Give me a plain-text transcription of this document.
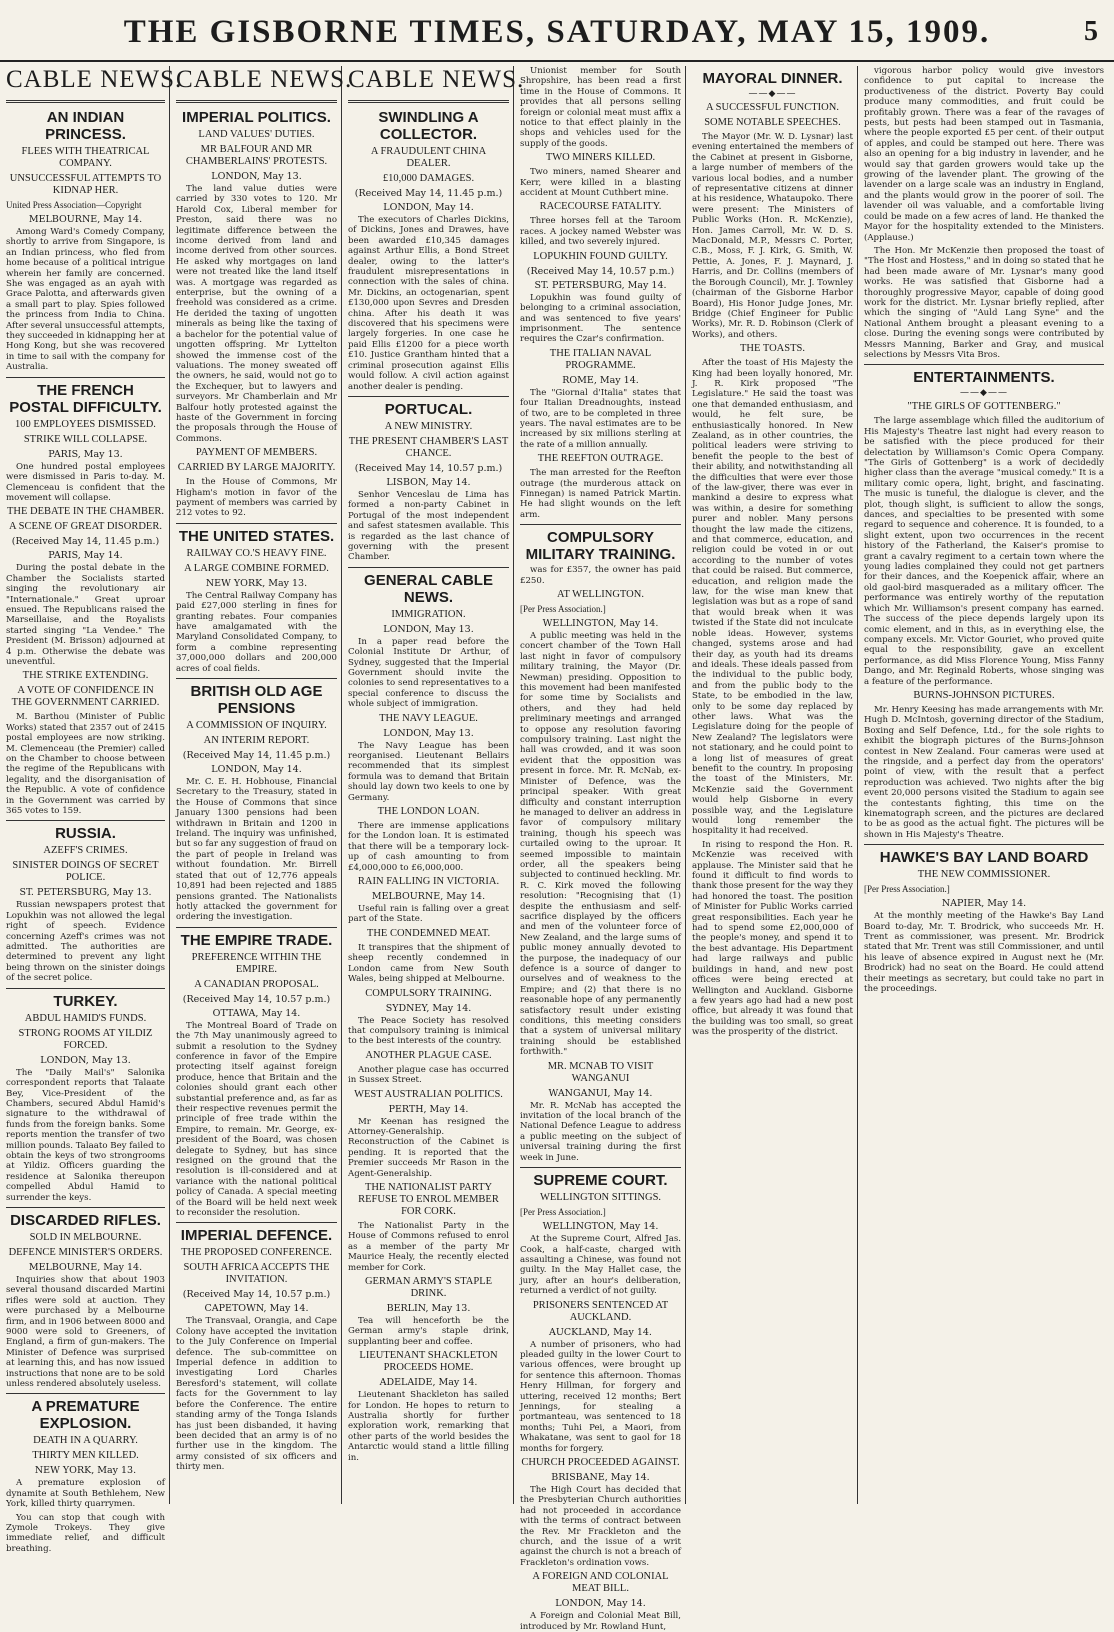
THE GISBORNE TIMES, SATURDAY, MAY 15, 1909.	5
CABLE NEWS.
AN INDIAN PRINCESS.
FLEES WITH THEATRICAL COMPANY.
UNSUCCESSFUL ATTEMPTS TO KIDNAP HER.
United Press Association—Copyright
MELBOURNE, May 14.

Among Ward's Comedy Company, shortly to arrive from Singapore, is an Indian princess, who fled from home because of a political intrigue wherein her family are concerned. She was engaged as an ayah with Grace Palotta, and afterwards given a small part to play. Spies followed the princess from India to China. After several unsuccessful attempts, they succeeded in kidnapping her at Hong Kong, but she was recovered in time to sail with the company for Australia.

THE FRENCH POSTAL DIFFICULTY.
100 EMPLOYEES DISMISSED.
STRIKE WILL COLLAPSE.
PARIS, May 13.

One hundred postal employees were dismissed in Paris to-day. M. Clemenceau is confident that the movement will collapse.

THE DEBATE IN THE CHAMBER.
A SCENE OF GREAT DISORDER.
(Received May 14, 11.45 p.m.)
PARIS, May 14.

During the postal debate in the Chamber the Socialists started singing the revolutionary air "Internationale." Great uproar ensued. The Republicans raised the Marseillaise, and the Royalists started singing "La Vendee." The President (M. Brisson) adjourned at 4 p.m. Otherwise the debate was uneventful.

THE STRIKE EXTENDING.
A VOTE OF CONFIDENCE IN THE GOVERNMENT CARRIED.

M. Barthou (Minister of Public Works) stated that 2357 out of 2415 postal employees are now striking. M. Clemenceau (the Premier) called on the Chamber to choose between the regime of the Republicans with legality, and the disorganisation of the Republic. A vote of confidence in the Government was carried by 365 votes to 159.

RUSSIA.
AZEFF'S CRIMES.
SINISTER DOINGS OF SECRET POLICE.
ST. PETERSBURG, May 13.

Russian newspapers protest that Lopukhin was not allowed the legal right of speech. Evidence concerning Azeff's crimes was not admitted. The authorities are determined to prevent any light being thrown on the sinister doings of the secret police.

TURKEY.
ABDUL HAMID'S FUNDS.
STRONG ROOMS AT YILDIZ FORCED.
LONDON, May 13.

The "Daily Mail's" Salonika correspondent reports that Talaate Bey, Vice-President of the Chambers, secured Abdul Hamid's signature to the withdrawal of funds from the foreign banks. Some reports mention the transfer of two million pounds. Talaato Bey failed to obtain the keys of two strongrooms at Yildiz. Officers guarding the residence at Salonika thereupon compelled Abdul Hamid to surrender the keys.

DISCARDED RIFLES.
SOLD IN MELBOURNE.
DEFENCE MINISTER'S ORDERS.
MELBOURNE, May 14.

Inquiries show that about 1903 several thousand discarded Martini rifles were sold at auction. They were purchased by a Melbourne firm, and in 1906 between 8000 and 9000 were sold to Greeners, of England, a firm of gun-makers. The Minister of Defence was surprised at learning this, and has now issued instructions that none are to be sold unless rendered absolutely useless.

A PREMATURE EXPLOSION.
DEATH IN A QUARRY.
THIRTY MEN KILLED.
NEW YORK, May 13.

A premature explosion of dynamite at South Bethlehem, New York, killed thirty quarrymen.

You can stop that cough with Zymole Trokeys. They give immediate relief, and difficult breathing.

CABLE NEWS.
IMPERIAL POLITICS.
LAND VALUES' DUTIES.
MR BALFOUR AND MR CHAMBERLAINS' PROTESTS.
LONDON, May 13.

The land value duties were carried by 330 votes to 120. Mr Harold Cox, Liberal member for Preston, said there was no legitimate difference between the income derived from land and income derived from other sources. He asked why mortgages on land were not treated like the land itself was. A mortgage was regarded as enterprise, but the owning of a freehold was considered as a crime. He derided the taxing of ungotten minerals as being like the taxing of a bachelor for the potential value of ungotten offspring. Mr Lyttelton showed the immense cost of the valuations. The money sweated off the owners, he said, would not go to the Exchequer, but to lawyers and surveyors. Mr Chamberlain and Mr Balfour hotly protested against the haste of the Government in forcing the proposals through the House of Commons.

PAYMENT OF MEMBERS.
CARRIED BY LARGE MAJORITY.

In the House of Commons, Mr Higham's motion in favor of the payment of members was carried by 212 votes to 92.

THE UNITED STATES.
RAILWAY CO.'S HEAVY FINE.
A LARGE COMBINE FORMED.
NEW YORK, May 13.

The Central Railway Company has paid £27,000 sterling in fines for granting rebates. Four companies have amalgamated with the Maryland Consolidated Company, to form a combine representing 37,000,000 dollars and 200,000 acres of coal fields.

BRITISH OLD AGE PENSIONS
A COMMISSION OF INQUIRY.
AN INTERIM REPORT.
(Received May 14, 11.45 p.m.)
LONDON, May 14.

Mr. C. E. H. Hobhouse, Financial Secretary to the Treasury, stated in the House of Commons that since January 1300 pensions had been withdrawn in Britain and 1200 in Ireland. The inquiry was unfinished, but so far any suggestion of fraud on the part of people in Ireland was without foundation. Mr. Birrell stated that out of 12,776 appeals 10,891 had been rejected and 1885 pensions granted. The Nationalists hotly attacked the government for ordering the investigation.

THE EMPIRE TRADE.
PREFERENCE WITHIN THE EMPIRE.
A CANADIAN PROPOSAL.
(Received May 14, 10.57 p.m.)
OTTAWA, May 14.

The Montreal Board of Trade on the 7th May unanimously agreed to submit a resolution to the Sydney conference in favor of the Empire protecting itself against foreign produce, hence that Britain and the colonies should grant each other substantial preference and, as far as their respective revenues permit the principle of free trade within the Empire, to remain. Mr. George, ex-president of the Board, was chosen delegate to Sydney, but has since resigned on the ground that the resolution is ill-considered and at variance with the national political policy of Canada. A special meeting of the Board will be held next week to reconsider the resolution.

IMPERIAL DEFENCE.
THE PROPOSED CONFERENCE.
SOUTH AFRICA ACCEPTS THE INVITATION.
(Received May 14, 10.57 p.m.)
CAPETOWN, May 14.

The Transvaal, Orangia, and Cape Colony have accepted the invitation to the July Conference on Imperial defence. The sub-committee on Imperial defence in addition to investigating Lord Charles Beresford's statement, will collate facts for the Government to lay before the Conference. The entire standing army of the Tonga Islands has just been disbanded, it having been decided that an army is of no further use in the kingdom. The army consisted of six officers and thirty men.

CABLE NEWS.
SWINDLING A COLLECTOR.
A FRAUDULENT CHINA DEALER.
£10,000 DAMAGES.
(Received May 14, 11.45 p.m.)
LONDON, May 14.

The executors of Charles Dickins, of Dickins, Jones and Drawes, have been awarded £10,345 damages against Arthur Ellis, a Bond Street dealer, owing to the latter's fraudulent misrepresentations in connection with the sales of china. Mr. Dickins, an octogenarian, spent £130,000 upon Sevres and Dresden china. After his death it was discovered that his specimens were largely forgeries. In one case he paid Ellis £1200 for a piece worth £10. Justice Grantham hinted that a criminal prosecution against Ellis would follow. A civil action against another dealer is pending.

PORTUCAL.
A NEW MINISTRY.
THE PRESENT CHAMBER'S LAST CHANCE.
(Received May 14, 10.57 p.m.)
LISBON, May 14.

Senhor Venceslau de Lima has formed a non-party Cabinet in Portugal of the most independent and safest statesmen available. This is regarded as the last chance of governing with the present Chamber.

GENERAL CABLE NEWS.
IMMIGRATION.
LONDON, May 13.

In a paper read before the Colonial Institute Dr Arthur, of Sydney, suggested that the Imperial Government should invite the colonies to send representatives to a special conference to discuss the whole subject of immigration.

THE NAVY LEAGUE.
LONDON, May 13.

The Navy League has been reorganised. Lieutenant Bellairs recommended that its simplest formula was to demand that Britain should lay down two keels to one by Germany.

THE LONDON LOAN.

There are immense applications for the London loan. It is estimated that there will be a temporary lock-up of cash amounting to from £4,000,000 to £6,000,000.

RAIN FALLING IN VICTORIA.
MELBOURNE, May 14.

Useful rain is falling over a great part of the State.

THE CONDEMNED MEAT.

It transpires that the shipment of sheep recently condemned in London came from New South Wales, being shipped at Melbourne.

COMPULSORY TRAINING.
SYDNEY, May 14.

The Peace Society has resolved that compulsory training is inimical to the best interests of the country.

ANOTHER PLAGUE CASE.

Another plague case has occurred in Sussex Street.

WEST AUSTRALIAN POLITICS.
PERTH, May 14.

Mr Keenan has resigned the Attorney-Generalship. Reconstruction of the Cabinet is pending. It is reported that the Premier succeeds Mr Rason in the Agent-Generalship.

THE NATIONALIST PARTY REFUSE TO ENROL MEMBER FOR CORK.

The Nationalist Party in the House of Commons refused to enrol as a member of the party Mr Maurice Healy, the recently elected member for Cork.

GERMAN ARMY'S STAPLE DRINK.
BERLIN, May 13.

Tea will henceforth be the German army's staple drink, supplanting beer and coffee.

LIEUTENANT SHACKLETON PROCEEDS HOME.
ADELAIDE, May 14.

Lieutenant Shackleton has sailed for London. He hopes to return to Australia shortly for further exploration work, remarking that other parts of the world besides the Antarctic would stand a little filling in.

Unionist member for South Shropshire, has been read a first time in the House of Commons. It provides that all persons selling foreign or colonial meat must affix a notice to that effect plainly in the shops and vehicles used for the supply of the goods.

TWO MINERS KILLED.

Two miners, named Shearer and Kerr, were killed in a blasting accident at Mount Cuthbert mine.

RACECOURSE FATALITY.

Three horses fell at the Taroom races. A jockey named Webster was killed, and two severely injured.

LOPUKHIN FOUND GUILTY.
(Received May 14, 10.57 p.m.)
ST. PETERSBURG, May 14.

Lopukhin was found guilty of belonging to a criminal association, and was sentenced to five years' imprisonment. The sentence requires the Czar's confirmation.

THE ITALIAN NAVAL PROGRAMME.
ROME, May 14.

The "Giornal d'Italia" states that four Italian Dreadnoughts, instead of two, are to be completed in three years. The naval estimates are to be increased by six millions sterling at the rate of a million annually.

THE REEFTON OUTRAGE.

The man arrested for the Reefton outrage (the murderous attack on Finnegan) is named Patrick Martin. He had slight wounds on the left arm.

COMPULSORY MILITARY TRAINING.

was for £357, the owner has paid £250.

AT WELLINGTON.
[Per Press Association.]
WELLINGTON, May 14.

A public meeting was held in the concert chamber of the Town Hall last night in favor of compulsory military training, the Mayor (Dr. Newman) presiding. Opposition to this movement had been manifested for some time by Socialists and others, and they had held preliminary meetings and arranged to oppose any resolution favoring compulsory training. Last night the hall was crowded, and it was soon evident that the opposition was present in force. Mr. R. McNab, ex-Minister of Defence, was the principal speaker. With great difficulty and constant interruption he managed to deliver an address in favor of compulsory military training, though his speech was curtailed owing to the uproar. It seemed impossible to maintain order, all the speakers being subjected to continued heckling. Mr. R. C. Kirk moved the following resolution: "Recognising that (1) despite the enthusiasm and self-sacrifice displayed by the officers and men of the volunteer force of New Zealand, and the large sums of public money annually devoted to the purpose, the inadequacy of our defence is a source of danger to ourselves and of weakness to the Empire; and (2) that there is no reasonable hope of any permanently satisfactory result under existing conditions, this meeting considers that a system of universal military training should be established forthwith."

MR. MCNAB TO VISIT WANGANUI
WANGANUI, May 14.

Mr. R. McNab has accepted the invitation of the local branch of the National Defence League to address a public meeting on the subject of universal training during the first week in June.

SUPREME COURT.
WELLINGTON SITTINGS.
[Per Press Association.]
WELLINGTON, May 14.

At the Supreme Court, Alfred Jas. Cook, a half-caste, charged with assaulting a Chinese, was found not guilty. In the May Hallet case, the jury, after an hour's deliberation, returned a verdict of not guilty.

PRISONERS SENTENCED AT AUCKLAND.
AUCKLAND, May 14.

A number of prisoners, who had pleaded guilty in the lower Court to various offences, were brought up for sentence this afternoon. Thomas Henry Hillman, for forgery and uttering, received 12 months; Bert Jennings, for stealing a portmanteau, was sentenced to 18 months; Tuhi Pei, a Maori, from Whakatane, was sent to gaol for 18 months for forgery.

CHURCH PROCEEDED AGAINST.
BRISBANE, May 14.

The High Court has decided that the Presbyterian Church authorities had not proceeded in accordance with the terms of contract between the Rev. Mr Frackleton and the church, and the issue of a writ against the church is not a breach of Frackleton's ordination vows.

A FOREIGN AND COLONIAL MEAT BILL.
LONDON, May 14.

A Foreign and Colonial Meat Bill, introduced by Mr. Rowland Hunt,

MAYORAL DINNER.
——◆——
A SUCCESSFUL FUNCTION.
SOME NOTABLE SPEECHES.

The Mayor (Mr. W. D. Lysnar) last evening entertained the members of the Cabinet at present in Gisborne, a large number of members of the various local bodies, and a number of representative citizens at dinner at his residence, Whataupoko. There were present: The Ministers of Public Works (Hon. R. McKenzie), Hon. James Carroll, Mr. W. D. S. MacDonald, M.P., Messrs C. Porter, C.B., Moss, F. J. Kirk, G. Smith, W. Pettie, A. Jones, F. J. Maynard, J. Harris, and Dr. Collins (members of the Borough Council), Mr. J. Townley (chairman of the Gisborne Harbor Board), His Honor Judge Jones, Mr. Bridge (Chief Engineer for Public Works), Mr. R. D. Robinson (Clerk of Works), and others.

THE TOASTS.

After the toast of His Majesty the King had been loyally honored, Mr. J. R. Kirk proposed "The Legislature." He said the toast was one that demanded enthusiasm, and would, he felt sure, be enthusiastically honored. In New Zealand, as in other countries, the political leaders were striving to benefit the people to the best of their ability, and notwithstanding all the difficulties that were ever those of the law-giver, there was ever in mankind a desire to express what was within, a desire for something purer and nobler. Many persons thought the law made the citizens, and that commerce, education, and religion could be voted in or out according to the number of votes that could be raised. But commerce, education, and religion made the law, for the wise man knew that legislation was but as a rope of sand that would break when it was twisted if the State did not inculcate noble ideas. However, systems changed, systems arose and had their day, as youth had its dreams and ideals. These ideals passed from the individual to the public body, and from the public body to the State, to be embodied in the law, only to be some day replaced by other laws. What was the Legislature doing for the people of New Zealand? The legislators were not stationary, and he could point to a long list of measures of great benefit to the country. In proposing the toast of the Ministers, Mr. McKenzie said the Government would help Gisborne in every possible way, and the Legislature would long remember the hospitality it had received.

In rising to respond the Hon. R. McKenzie was received with applause. The Minister said that he found it difficult to find words to thank those present for the way they had honored the toast. The position of Minister for Public Works carried great responsibilities. Each year he had to spend some £2,000,000 of the people's money, and spend it to the best advantage. His Department had large railways and public buildings in hand, and new post offices were being erected at Wellington and Auckland. Gisborne a few years ago had had a new post office, but already it was found that the building was too small, so great was the prosperity of the district.

vigorous harbor policy would give investors confidence to put capital to increase the productiveness of the district. Poverty Bay could produce many commodities, and fruit could be profitably grown. There was a fear of the ravages of pests, but pests had been stamped out in Tasmania, where the people exported £5 per cent. of their output of apples, and could be stamped out here. There was also an opening for a big industry in lavender, and he would say that garden growers would take up the growing of the lavender plant. The growing of the lavender on a large scale was an industry in England, and the plants would grow in the poorer of soil. The lavender oil was valuable, and a comfortable living could be made on a few acres of land. He thanked the Mayor for the hospitality extended to the Ministers. (Applause.)

The Hon. Mr McKenzie then proposed the toast of "The Host and Hostess," and in doing so stated that he had been made aware of Mr. Lysnar's many good works. He was satisfied that Gisborne had a thoroughly progressive Mayor, capable of doing good work for the district. Mr. Lysnar briefly replied, after which the singing of "Auld Lang Syne" and the National Anthem brought a pleasant evening to a close. During the evening songs were contributed by Messrs Manning, Barker and Gray, and musical selections by Messrs Vita Bros.

ENTERTAINMENTS.
——◆——
"THE GIRLS OF GOTTENBERG."

The large assemblage which filled the auditorium of His Majesty's Theatre last night had every reason to be satisfied with the piece produced for their delectation by Williamson's Comic Opera Company. "The Girls of Gottenberg" is a work of decidedly higher class than the average "musical comedy." It is a military comic opera, light, bright, and fascinating. The music is tuneful, the dialogue is clever, and the plot, though slight, is sufficient to allow the songs, dances, and specialties to be presented with some regard to sequence and coherence. It is founded, to a slight extent, upon two occurrences in the recent history of the Fatherland, the Kaiser's promise to grant a cavalry regiment to a certain town where the young ladies complained they could not get partners for their dances, and the Koepenick affair, where an old gaol-bird masqueraded as a military officer. The performance was entirely worthy of the reputation which Mr. Williamson's present company has earned. The success of the piece depends largely upon its comic element, and in this, as in everything else, the company excels. Mr. Victor Gouriet, who proved quite equal to the responsibility, gave an excellent performance, as did Miss Florence Young, Miss Fanny Dango, and Mr. Reginald Roberts, whose singing was a feature of the performance.

BURNS-JOHNSON PICTURES.

Mr. Henry Keesing has made arrangements with Mr. Hugh D. McIntosh, governing director of the Stadium, Boxing and Self Defence, Ltd., for the sole rights to exhibit the biograph pictures of the Burns-Johnson contest in New Zealand. Four cameras were used at the ringside, and a perfect day from the operators' point of view, with the result that a perfect reproduction was achieved. Two nights after the big event 20,000 persons visited the Stadium to again see the contestants fighting, this time on the kinematograph screen, and the pictures are declared to be as good as the actual fight. The pictures will be shown in His Majesty's Theatre.

HAWKE'S BAY LAND BOARD
THE NEW COMMISSIONER.
[Per Press Association.]
NAPIER, May 14.

At the monthly meeting of the Hawke's Bay Land Board to-day, Mr. T. Brodrick, who succeeds Mr. H. Trent as commissioner, was present. Mr. Brodrick stated that Mr. Trent was still Commissioner, and until his leave of absence expired in August next he (Mr. Brodrick) had no seat on the Board. He could attend their meetings as secretary, but could take no part in the proceedings.
